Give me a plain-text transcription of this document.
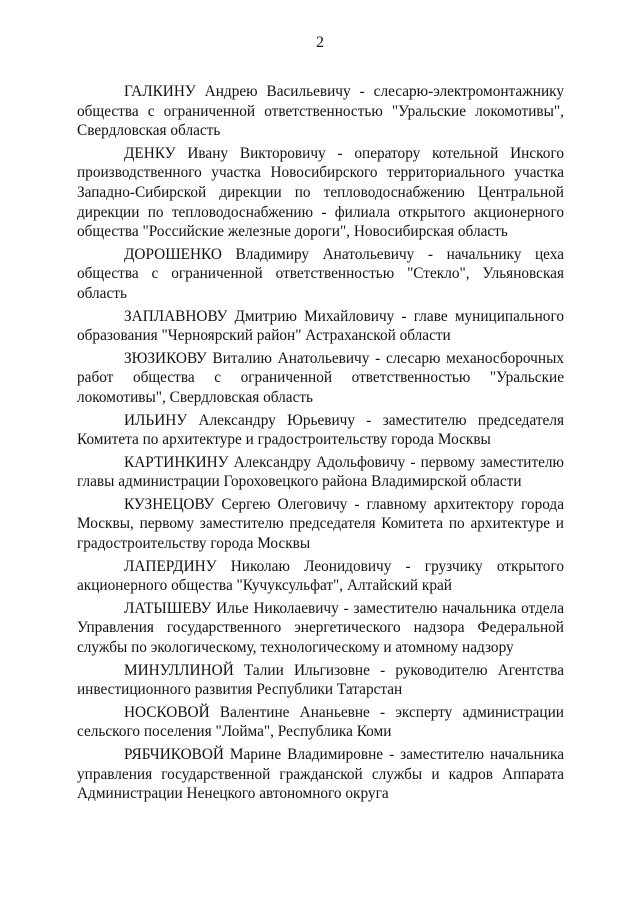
2

ГАЛКИНУ Андрею Васильевичу - слесарю-электромонтажнику общества с ограниченной ответственностью "Уральские локомотивы", Свердловская область

ДЕНКУ Ивану Викторовичу - оператору котельной Инского производственного участка Новосибирского территориального участка Западно-Сибирской дирекции по тепловодоснабжению Центральной дирекции по тепловодоснабжению - филиала открытого акционерного общества "Российские железные дороги", Новосибирская область

ДОРОШЕНКО Владимиру Анатольевичу - начальнику цеха общества с ограниченной ответственностью "Стекло", Ульяновская область

ЗАПЛАВНОВУ Дмитрию Михайловичу - главе муниципального образования "Черноярский район" Астраханской области

ЗЮЗИКОВУ Виталию Анатольевичу - слесарю механосборочных работ общества с ограниченной ответственностью "Уральские локомотивы", Свердловская область

ИЛЬИНУ Александру Юрьевичу - заместителю председателя Комитета по архитектуре и градостроительству города Москвы

КАРТИНКИНУ Александру Адольфовичу - первому заместителю главы администрации Гороховецкого района Владимирской области

КУЗНЕЦОВУ Сергею Олеговичу - главному архитектору города Москвы, первому заместителю председателя Комитета по архитектуре и градостроительству города Москвы

ЛАПЕРДИНУ Николаю Леонидовичу - грузчику открытого акционерного общества "Кучуксульфат", Алтайский край

ЛАТЫШЕВУ Илье Николаевичу - заместителю начальника отдела Управления государственного энергетического надзора Федеральной службы по экологическому, технологическому и атомному надзору

МИНУЛЛИНОЙ Талии Ильгизовне - руководителю Агентства инвестиционного развития Республики Татарстан

НОСКОВОЙ Валентине Ананьевне - эксперту администрации сельского поселения "Лойма", Республика Коми

РЯБЧИКОВОЙ Марине Владимировне - заместителю начальника управления государственной гражданской службы и кадров Аппарата Администрации Ненецкого автономного округа
